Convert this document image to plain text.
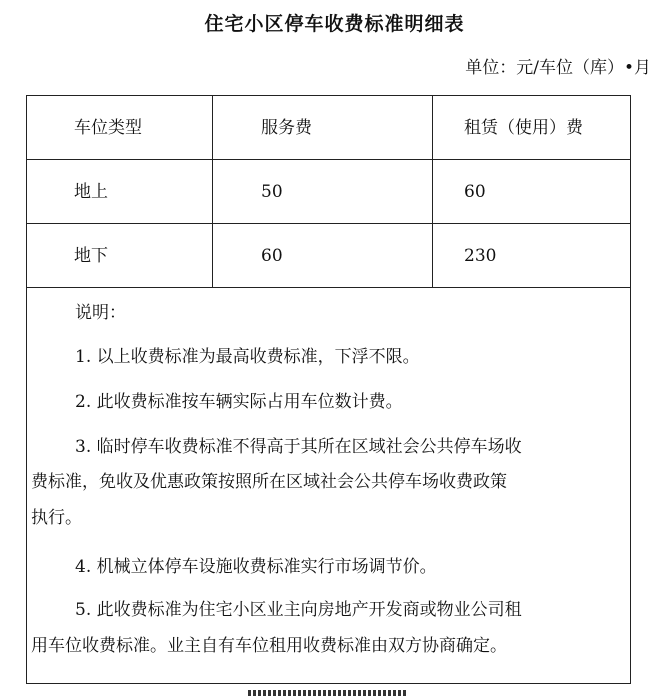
住宅小区停车收费标准明细表
单位：元/车位（库）•月
车位类型	服务费	租赁（使用）费
地上	50	60
地下	60	230
说明：
1. 以上收费标准为最高收费标准，下浮不限。
2. 此收费标准按车辆实际占用车位数计费。
3. 临时停车收费标准不得高于其所在区域社会公共停车场收
费标准，免收及优惠政策按照所在区域社会公共停车场收费政策
执行。
4. 机械立体停车设施收费标准实行市场调节价。
5. 此收费标准为住宅小区业主向房地产开发商或物业公司租
用车位收费标准。业主自有车位租用收费标准由双方协商确定。
